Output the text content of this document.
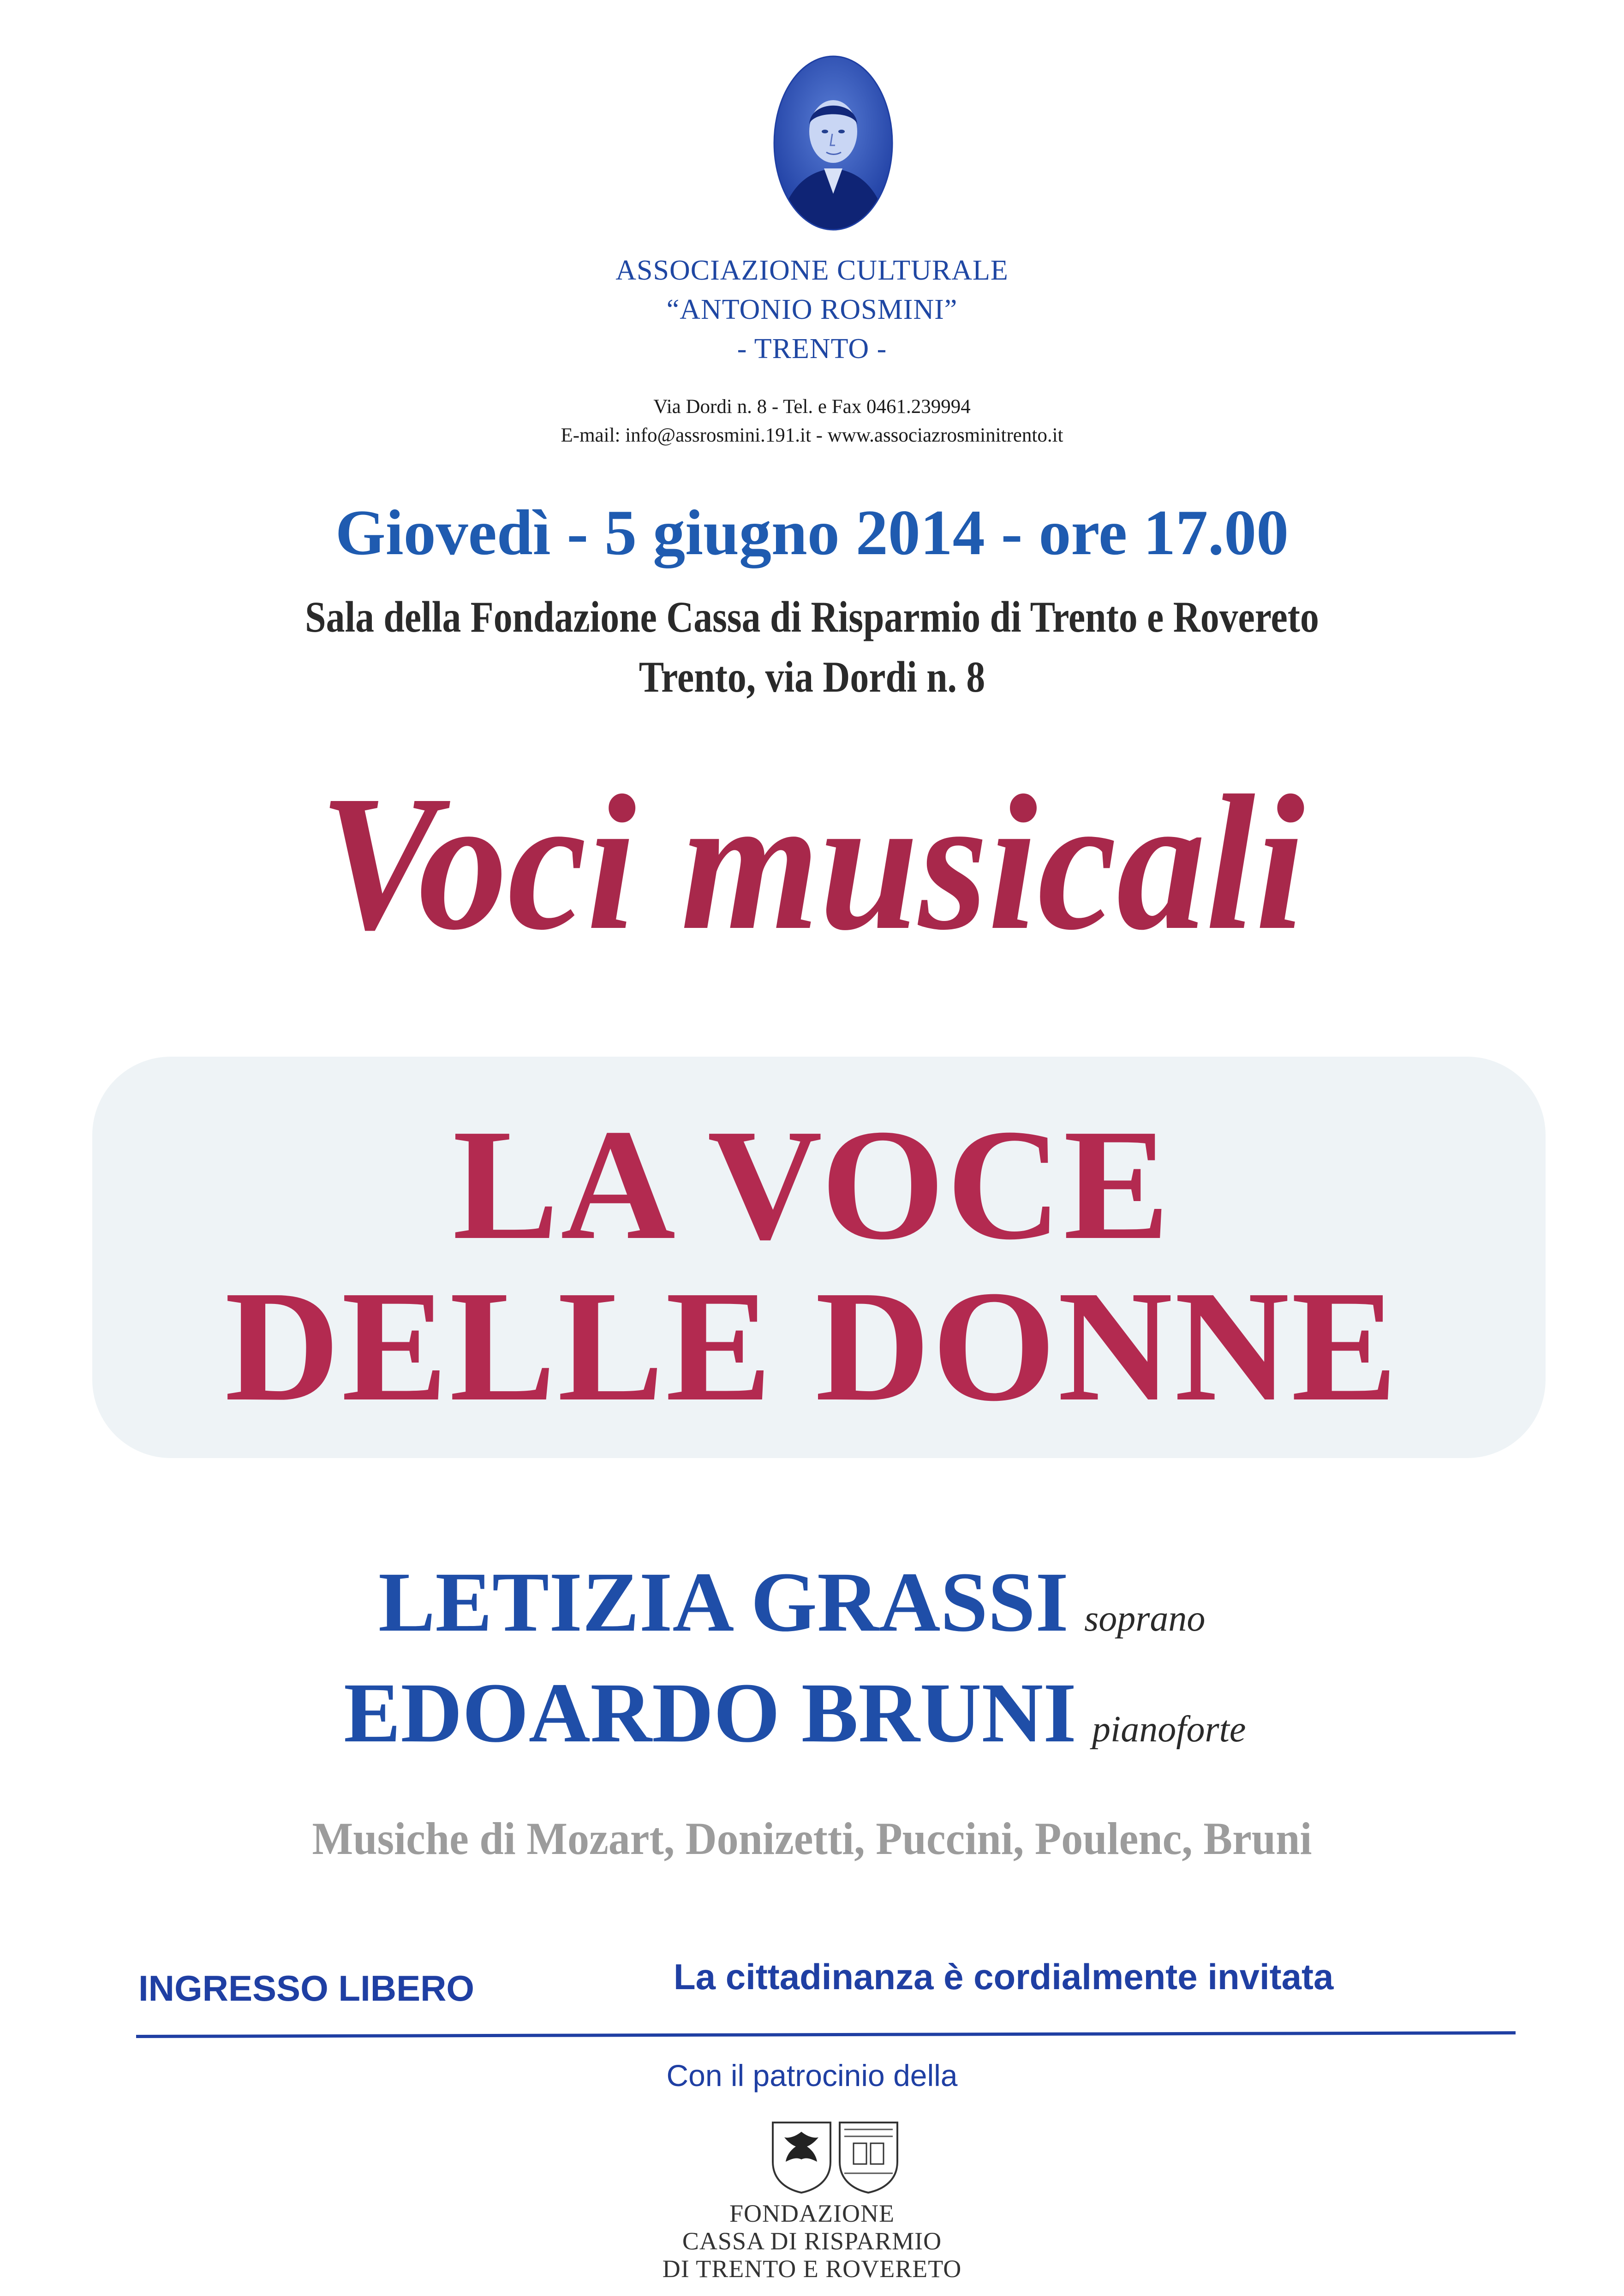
ASSOCIAZIONE CULTURALE
“ANTONIO ROSMINI”
- TRENTO -
Via Dordi n. 8 - Tel. e Fax 0461.239994
E-mail: info@assrosmini.191.it - www.associazrosminitrento.it
Giovedì - 5 giugno 2014 - ore 17.00
Sala della Fondazione Cassa di Risparmio di Trento e Rovereto
Trento, via Dordi n. 8
Voci musicali
LA VOCE
DELLE DONNE
LETIZIA GRASSI soprano
EDOARDO BRUNI pianoforte
Musiche di Mozart, Donizetti, Puccini, Poulenc, Bruni
INGRESSO LIBERO	La cittadinanza è cordialmente invitata
Con il patrocinio della
FONDAZIONE
CASSA DI RISPARMIO
DI TRENTO E ROVERETO
